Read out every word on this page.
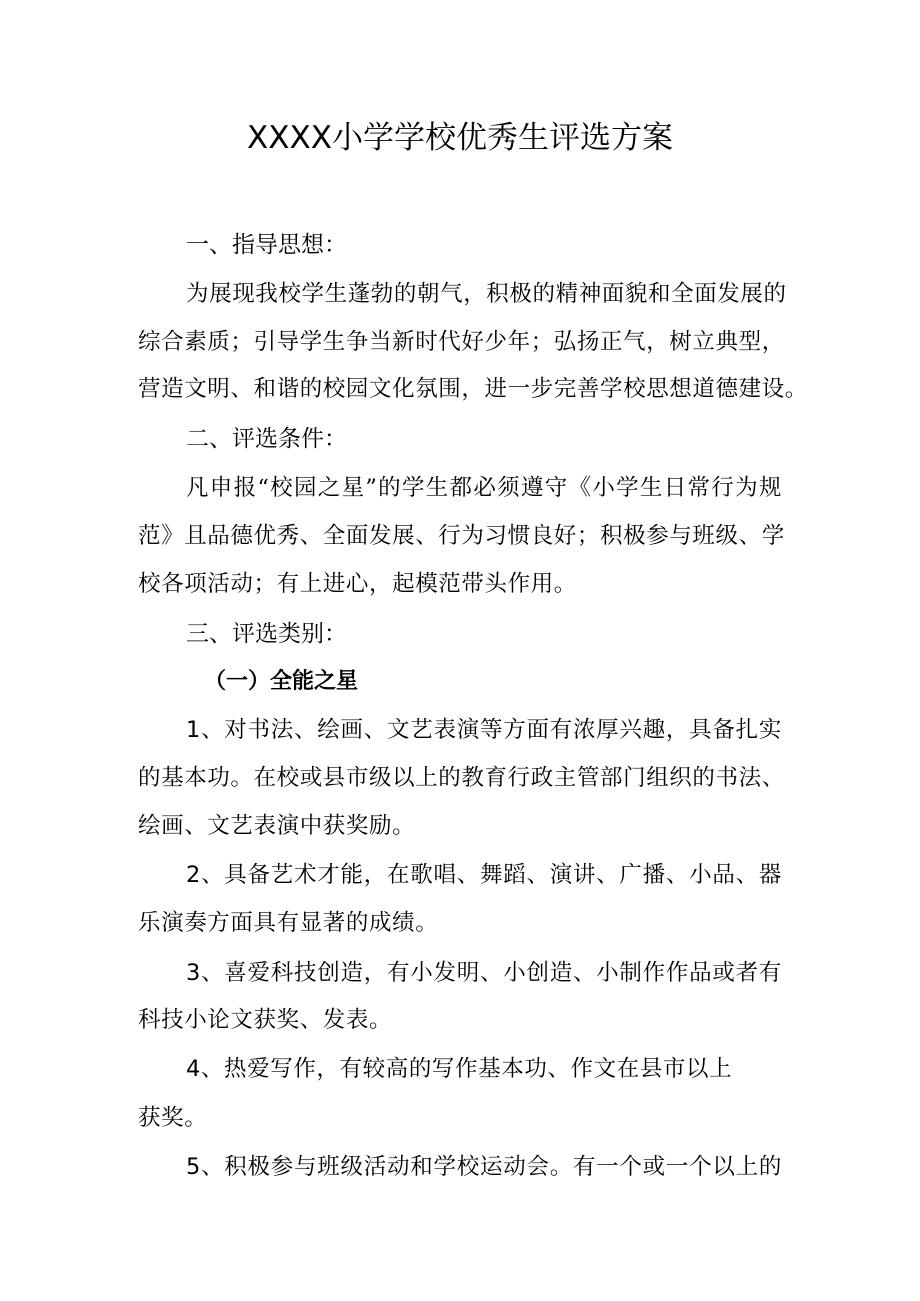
XXXX小学学校优秀生评选方案
一、指导思想：
为展现我校学生蓬勃的朝气，积极的精神面貌和全面发展的
综合素质；引导学生争当新时代好少年；弘扬正气，树立典型，
营造文明、和谐的校园文化氛围，进一步完善学校思想道德建设。
二、评选条件：
凡申报“校园之星”的学生都必须遵守《小学生日常行为规
范》且品德优秀、全面发展、行为习惯良好；积极参与班级、学
校各项活动；有上进心，起模范带头作用。
三、评选类别：
（一）全能之星
1、对书法、绘画、文艺表演等方面有浓厚兴趣，具备扎实
的基本功。在校或县市级以上的教育行政主管部门组织的书法、
绘画、文艺表演中获奖励。
2、具备艺术才能，在歌唱、舞蹈、演讲、广播、小品、器
乐演奏方面具有显著的成绩。
3、喜爱科技创造，有小发明、小创造、小制作作品或者有
科技小论文获奖、发表。
4、热爱写作，有较高的写作基本功、作文在县市以上
获奖。
5、积极参与班级活动和学校运动会。有一个或一个以上的
